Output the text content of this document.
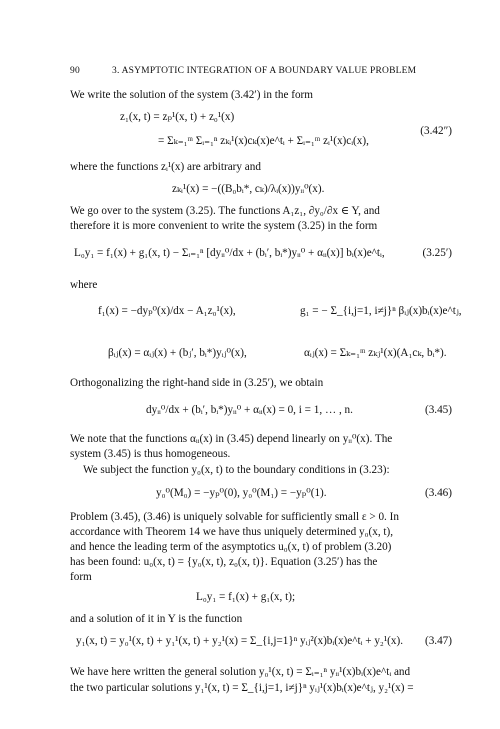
90	3. ASYMPTOTIC INTEGRATION OF A BOUNDARY VALUE PROBLEM
We write the solution of the system (3.42′) in the form
z₁(x, t) = zₚ¹(x, t) + z₀¹(x)
= Σₖ₌₁ᵐ Σᵢ₌₁ⁿ zₖᵢ¹(x)cₖ(x)e^tᵢ + Σᵢ₌₁ᵐ zᵢ¹(x)cᵢ(x),
(3.42″)
where the functions zᵢ¹(x) are arbitrary and
zₖᵢ¹(x) = −((B₀bᵢ*, cₖ)/λᵢ(x))yᵢᵢ⁰(x).
We go over to the system (3.25). The functions A₁z₁, ∂y₀/∂x ∈ Y, and
therefore it is more convenient to write the system (3.25) in the form
L₀y₁ = f₁(x) + g₁(x, t) − Σᵢ₌₁ⁿ [dyᵢᵢ⁰/dx + (bᵢ′, bᵢ*)yᵢᵢ⁰ + αᵢᵢ(x)] bᵢ(x)e^tᵢ,	(3.25′)
where
f₁(x) = −dyₚ⁰(x)/dx − A₁z₀¹(x),	g₁ = − Σ_{i,j=1, i≠j}ⁿ βᵢⱼ(x)bᵢ(x)e^tⱼ,
βᵢⱼ(x) = αᵢⱼ(x) + (bⱼ′, bᵢ*)yᵢⱼ⁰(x),	αᵢⱼ(x) = Σₖ₌₁ᵐ zₖⱼ¹(x)(A₁cₖ, bᵢ*).
Orthogonalizing the right-hand side in (3.25′), we obtain
dyᵢᵢ⁰/dx + (bᵢ′, bᵢ*)yᵢᵢ⁰ + αᵢᵢ(x) = 0, i = 1, … , n.	(3.45)
We note that the functions αᵢᵢ(x) in (3.45) depend linearly on yᵢᵢ⁰(x). The
system (3.45) is thus homogeneous.
We subject the function y₀(x, t) to the boundary conditions in (3.23):
y₀⁰(M₀) = −yₚ⁰(0), y₀⁰(M₁) = −yₚ⁰(1).	(3.46)
Problem (3.45), (3.46) is uniquely solvable for sufficiently small ε > 0. In
accordance with Theorem 14 we have thus uniquely determined y₀(x, t),
and hence the leading term of the asymptotics u₀(x, t) of problem (3.20)
has been found: u₀(x, t) = {y₀(x, t), z₀(x, t)}. Equation (3.25′) has the
form
L₀y₁ = f₁(x) + g₁(x, t);
and a solution of it in Y is the function
y₁(x, t) = y₀¹(x, t) + y₁¹(x, t) + y₂¹(x) = Σ_{i,j=1}ⁿ yᵢⱼ²(x)bᵢ(x)e^tᵢ + y₂¹(x). (3.47)
We have here written the general solution y₀¹(x, t) = Σᵢ₌₁ⁿ yᵢᵢ¹(x)bᵢ(x)e^tᵢ and
the two particular solutions y₁¹(x, t) = Σ_{i,j=1, i≠j}ⁿ yᵢⱼ¹(x)bᵢ(x)e^tⱼ, y₂¹(x) =
